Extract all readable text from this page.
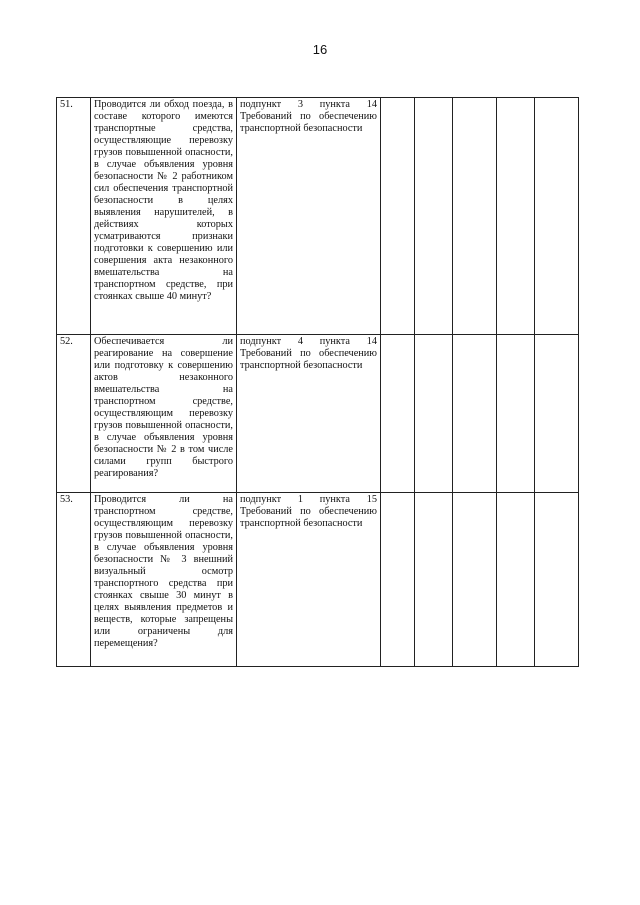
16
51.	Проводится ли обход поезда, в составе которого имеются транспортные средства, осуществляющие перевозку грузов повышенной опасности, в случае объявления уровня безопасности № 2 работником сил обеспечения транспортной безопасности в целях выявления нарушителей, в действиях которых усматриваются признаки подготовки к совершению или совершения акта незаконного вмешательства на транспортном средстве, при стоянках свыше 40 минут?	подпункт 3 пункта 14 Требований по обеспечению транспортной безопасности					
52.	Обеспечивается ли реагирование на совершение или подготовку к совершению актов незаконного вмешательства на транспортном средстве, осуществляющим перевозку грузов повышенной опасности, в случае объявления уровня безопасности № 2 в том числе силами групп быстрого реагирования?	подпункт 4 пункта 14 Требований по обеспечению транспортной безопасности					
53.	Проводится ли на транспортном средстве, осуществляющим перевозку грузов повышенной опасности, в случае объявления уровня безопасности № 3 внешний визуальный осмотр транспортного средства при стоянках свыше 30 минут в целях выявления предметов и веществ, которые запрещены или ограничены для перемещения?	подпункт 1 пункта 15 Требований по обеспечению транспортной безопасности					
